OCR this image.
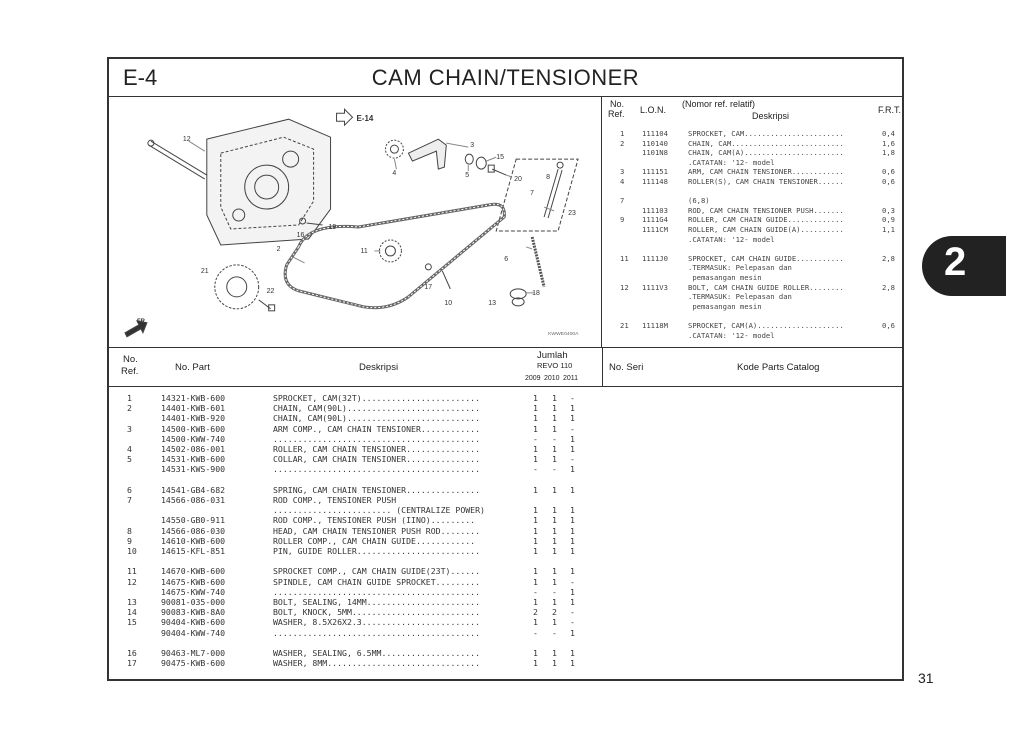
E-4	CAM CHAIN/TENSIONER
E-14
12
3
4	5
15
20	8
7
23
19
16
2	11
6
21
22
17
10	13
18
KWWE0400A
FR.
No.
Ref. L.O.N.
(Nomor ref. relatif)
Deskripsi
F.R.T.
1 111104	SPROCKET, CAM.......................	0,4
2 110140	CHAIN, CAM..........................	1,6
1101N8	CHAIN, CAM(A).......................	1,8
.CATATAN: '12- model
3 111151	ARM, CAM CHAIN TENSIONER............	0,6
4 111148	ROLLER(S), CAM CHAIN TENSIONER......	0,6
7	(6,8)
111103	ROD, CAM CHAIN TENSIONER PUSH.......	0,3
9 1111G4	ROLLER, CAM CHAIN GUIDE.............	0,9
1111CM	ROLLER, CAM CHAIN GUIDE(A)..........	1,1
.CATATAN: '12- model
11 1111J0	SPROCKET, CAM CHAIN GUIDE...........	2,8
.TERMASUK: Pelepasan dan
pemasangan mesin
12 1111V3	BOLT, CAM CHAIN GUIDE ROLLER........	2,8
.TERMASUK: Pelepasan dan
pemasangan mesin
21 11118M	SPROCKET, CAM(A)....................	0,6
.CATATAN: '12- model
No.
Ref.	No. Part	Deskripsi
Jumlah
REVO 110
2009 2010 2011
No. Seri	Kode Parts Catalog
1	14321-KWB-600	SPROCKET, CAM(32T)........................	1 1 -
2	14401-KWB-601	CHAIN, CAM(90L)...........................	1 1 1
14401-KWB-920	CHAIN, CAM(90L)...........................	1 1 1
3	14500-KWB-600	ARM COMP., CAM CHAIN TENSIONER............	1 1 -
14500-KWW-740	..........................................	- - 1
4	14502-086-001	ROLLER, CAM CHAIN TENSIONER...............	1 1 1
5	14531-KWB-600	COLLAR, CAM CHAIN TENSIONER...............	1 1 -
14531-KWS-900	..........................................	- - 1
6	14541-GB4-682	SPRING, CAM CHAIN TENSIONER...............	1 1 1
7	14566-086-031	ROD COMP., TENSIONER PUSH
........................ (CENTRALIZE POWER)	1 1 1
14550-GB0-911	ROD COMP., TENSIONER PUSH (IINO).........	1 1 1
8	14566-086-030	HEAD, CAM CHAIN TENSIONER PUSH ROD........	1 1 1
9	14610-KWB-600	ROLLER COMP., CAM CHAIN GUIDE............	1 1 1
10	14615-KFL-851	PIN, GUIDE ROLLER.........................	1 1 1
11	14670-KWB-600	SPROCKET COMP., CAM CHAIN GUIDE(23T)......	1 1 1
12	14675-KWB-600	SPINDLE, CAM CHAIN GUIDE SPROCKET.........	1 1 -
14675-KWW-740	..........................................	- - 1
13	90081-035-000	BOLT, SEALING, 14MM.......................	1 1 1
14	90083-KWB-8A0	BOLT, KNOCK, 5MM..........................	2 2 -
15	90404-KWB-600	WASHER, 8.5X26X2.3........................	1 1 -
90404-KWW-740	..........................................	- - 1
16	90463-ML7-000	WASHER, SEALING, 6.5MM....................	1 1 1
17	90475-KWB-600	WASHER, 8MM...............................	1 1 1
2
31
